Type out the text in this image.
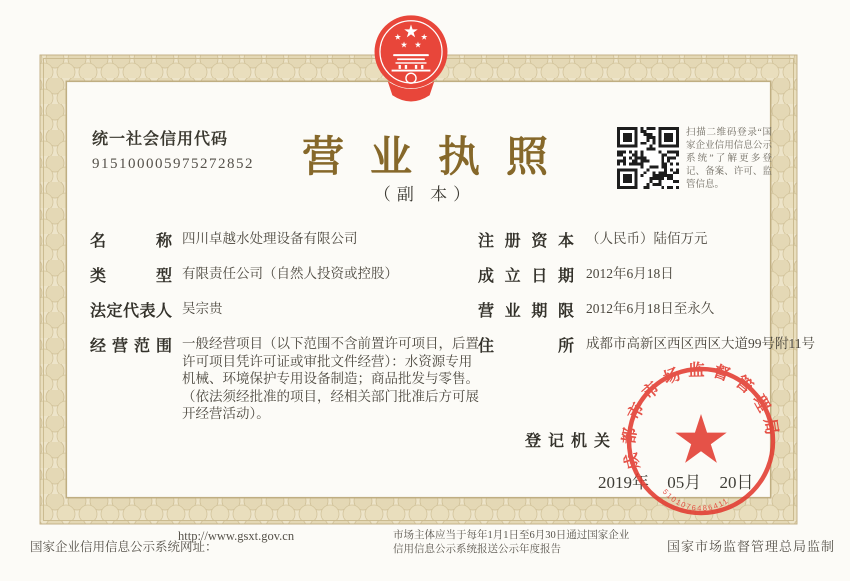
统一社会信用代码
915100005975272852	营业执照
（副 本）
扫描二维码登录“国家企业信用信息公示系统”了解更多登记、备案、许可、监管信息。
名称 四川卓越水处理设备有限公司
类型 有限责任公司（自然人投资或控股）
法定代表人 吴宗贵
经营范围 一般经营项目（以下范围不含前置许可项目，后置许可项目凭许可证或审批文件经营）：水资源专用机械、环境保护专用设备制造；商品批发与零售。（依法须经批准的项目，经相关部门批准后方可展开经营活动）。
注册资本 （人民币）陆佰万元
成立日期 2012年6月18日
营业期限 2012年6月18日至永久
住所 成都市高新区西区西区大道99号附11号
登记机关
2019年 05月 20日
成都市市场监督管理局
5101076486411
国家企业信用信息公示系统网址：
http://www.gsxt.gov.cn	市场主体应当于每年1月1日至6月30日通过国家企业信用信息公示系统报送公示年度报告	国家市场监督管理总局监制
